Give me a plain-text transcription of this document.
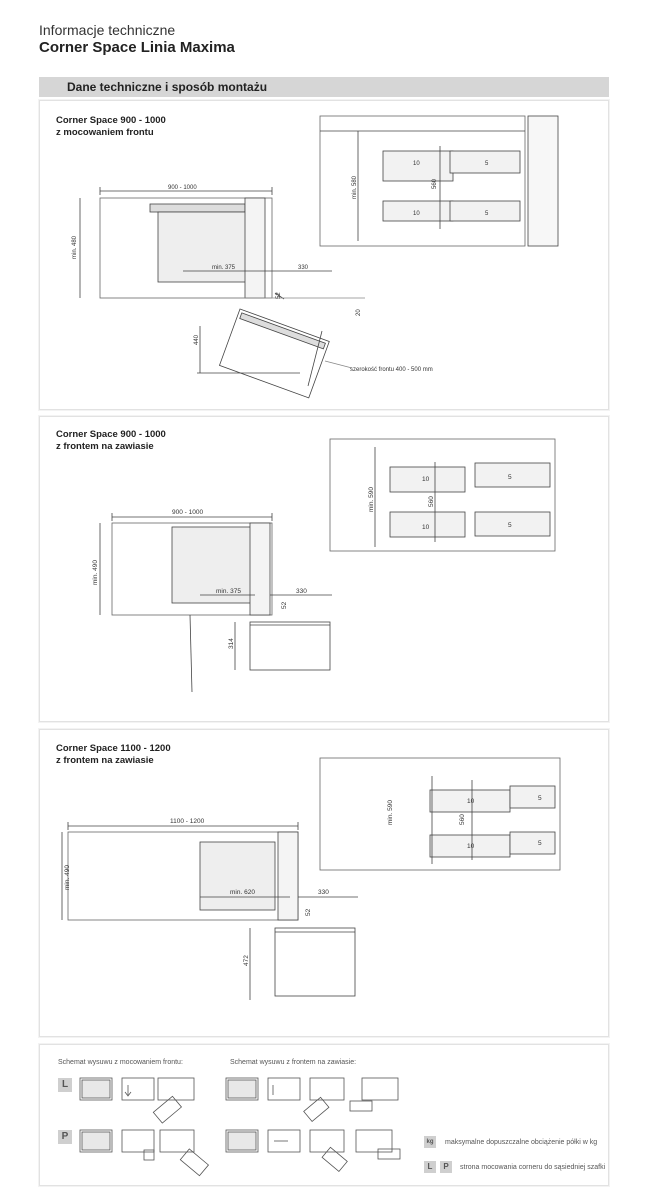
Informacje techniczne
Corner Space Linia Maxima
Dane techniczne i sposób montażu
Corner Space 900 - 1000
z mocowaniem frontu
900 - 1000
min. 480
min. 375	330
52
20
440
szerokość frontu 400 - 500 mm
min. 580	560
10
10
5
5
Corner Space 900 - 1000
z frontem na zawiasie
900 - 1000
min. 490
min. 375	330
52
314
min. 590	560
10
10
5
5
Corner Space 1100 - 1200
z frontem na zawiasie
1100 - 1200
min. 490
min. 620	330
52
472
min. 590	560
10
10
5
5
Schemat wysuwu z mocowaniem frontu:	Schemat wysuwu z frontem na zawiasie:
L
P	kg	maksymalne dopuszczalne obciążenie półki w kg
L	P	strona mocowania corneru do sąsiedniej szafki
